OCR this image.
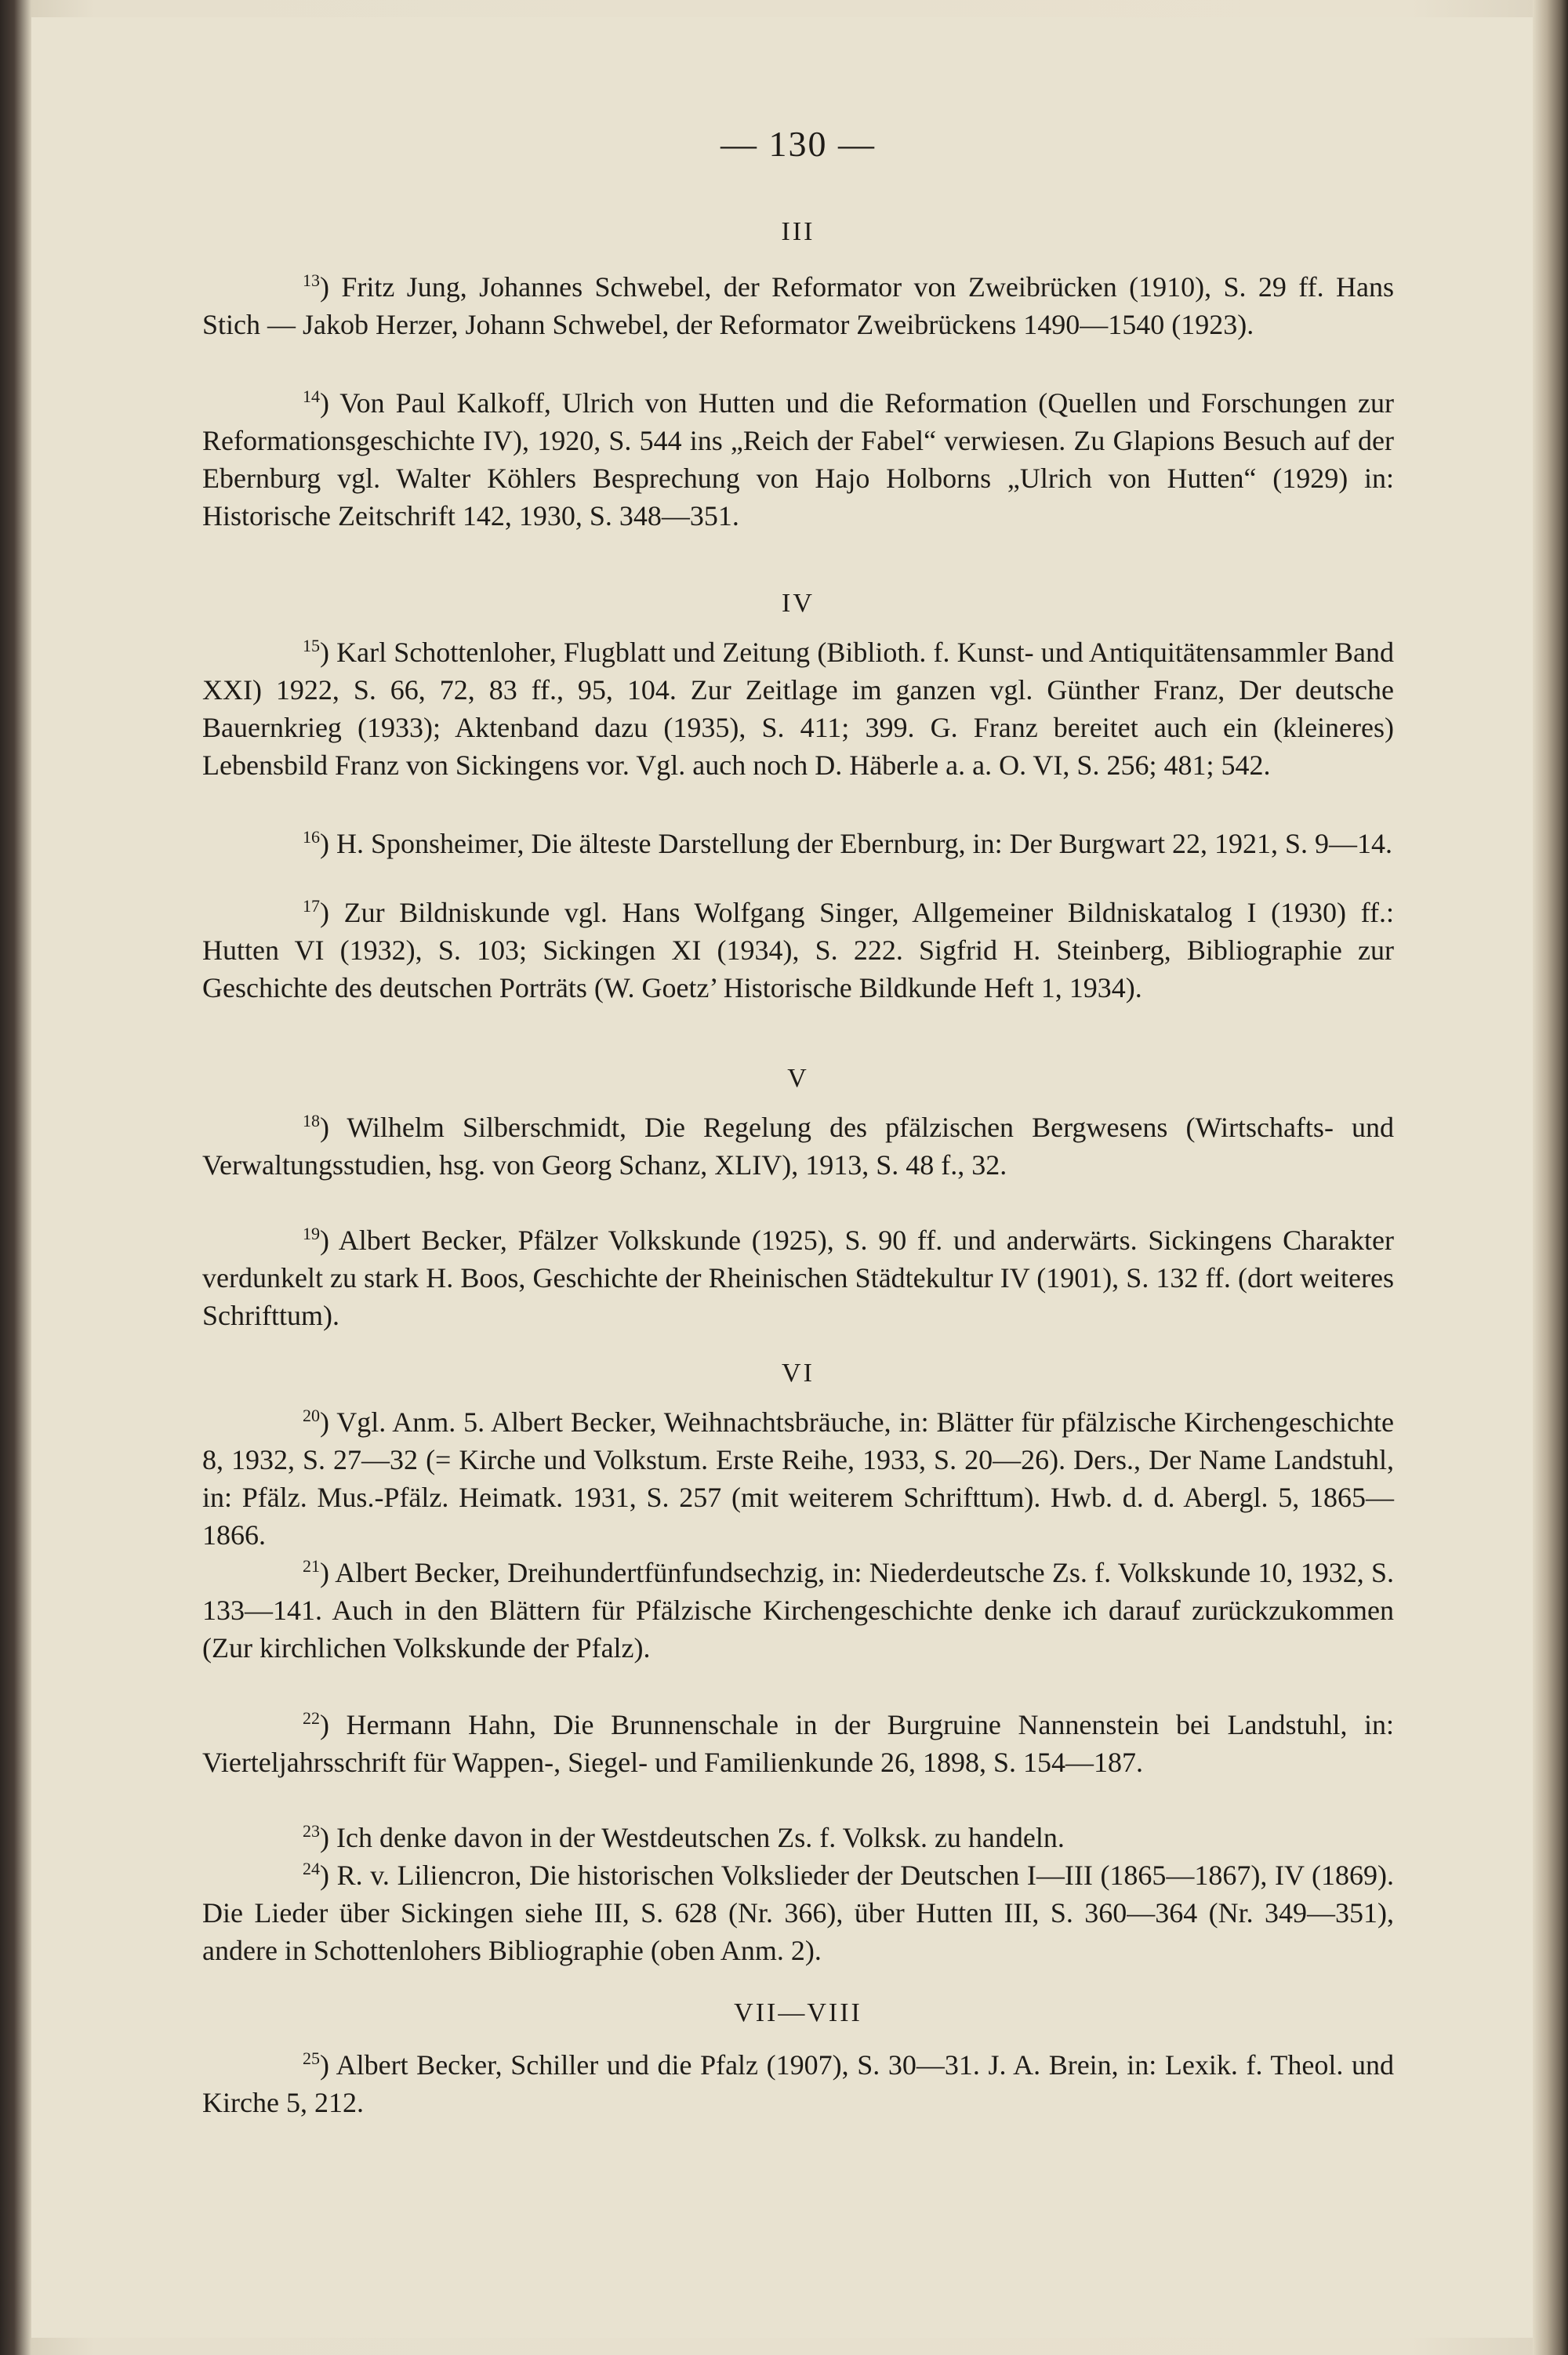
— 130 —
III

$^{13}$) Fritz Jung, Johannes Schwebel, der Reformator von Zweibrücken (1910), S. 29 ff. Hans Stich — Jakob Herzer, Johann Schwebel, der Reformator Zweibrückens 1490—1540 (1923).

$^{14}$) Von Paul Kalkoff, Ulrich von Hutten und die Reformation (Quellen und Forschungen zur Reformationsgeschichte IV), 1920, S. 544 ins „Reich der Fabel“ verwiesen. Zu Glapions Besuch auf der Ebernburg vgl. Walter Köhlers Besprechung von Hajo Holborns „Ulrich von Hutten“ (1929) in: Historische Zeitschrift 142, 1930, S. 348—351.

IV

$^{15}$) Karl Schottenloher, Flugblatt und Zeitung (Biblioth. f. Kunst- und Antiquitätensammler Band XXI) 1922, S. 66, 72, 83 ff., 95, 104. Zur Zeitlage im ganzen vgl. Günther Franz, Der deutsche Bauernkrieg (1933); Aktenband dazu (1935), S. 411; 399. G. Franz bereitet auch ein (kleineres) Lebensbild Franz von Sickingens vor. Vgl. auch noch D. Häberle a. a. O. VI, S. 256; 481; 542.

$^{16}$) H. Sponsheimer, Die älteste Darstellung der Ebernburg, in: Der Burgwart 22, 1921, S. 9—14.

$^{17}$) Zur Bildniskunde vgl. Hans Wolfgang Singer, Allgemeiner Bildniskatalog I (1930) ff.: Hutten VI (1932), S. 103; Sickingen XI (1934), S. 222. Sigfrid H. Steinberg, Bibliographie zur Geschichte des deutschen Porträts (W. Goetz’ Historische Bildkunde Heft 1, 1934).

V

$^{18}$) Wilhelm Silberschmidt, Die Regelung des pfälzischen Bergwesens (Wirtschafts- und Verwaltungsstudien, hsg. von Georg Schanz, XLIV), 1913, S. 48 f., 32.

$^{19}$) Albert Becker, Pfälzer Volkskunde (1925), S. 90 ff. und anderwärts. Sickingens Charakter verdunkelt zu stark H. Boos, Geschichte der Rheinischen Städtekultur IV (1901), S. 132 ff. (dort weiteres Schrifttum).

VI

$^{20}$) Vgl. Anm. 5. Albert Becker, Weihnachtsbräuche, in: Blätter für pfälzische Kirchengeschichte 8, 1932, S. 27—32 (= Kirche und Volkstum. Erste Reihe, 1933, S. 20—26). Ders., Der Name Landstuhl, in: Pfälz. Mus.-Pfälz. Heimatk. 1931, S. 257 (mit weiterem Schrifttum). Hwb. d. d. Abergl. 5, 1865—1866.

$^{21}$) Albert Becker, Dreihundertfünfundsechzig, in: Niederdeutsche Zs. f. Volkskunde 10, 1932, S. 133—141. Auch in den Blättern für Pfälzische Kirchengeschichte denke ich darauf zurückzukommen (Zur kirchlichen Volkskunde der Pfalz).

$^{22}$) Hermann Hahn, Die Brunnenschale in der Burgruine Nannenstein bei Landstuhl, in: Vierteljahrsschrift für Wappen-, Siegel- und Familienkunde 26, 1898, S. 154—187.

$^{23}$) Ich denke davon in der Westdeutschen Zs. f. Volksk. zu handeln.

$^{24}$) R. v. Liliencron, Die historischen Volkslieder der Deutschen I—III (1865—1867), IV (1869). Die Lieder über Sickingen siehe III, S. 628 (Nr. 366), über Hutten III, S. 360—364 (Nr. 349—351), andere in Schottenlohers Bibliographie (oben Anm. 2).

VII—VIII

$^{25}$) Albert Becker, Schiller und die Pfalz (1907), S. 30—31. J. A. Brein, in: Lexik. f. Theol. und Kirche 5, 212.
